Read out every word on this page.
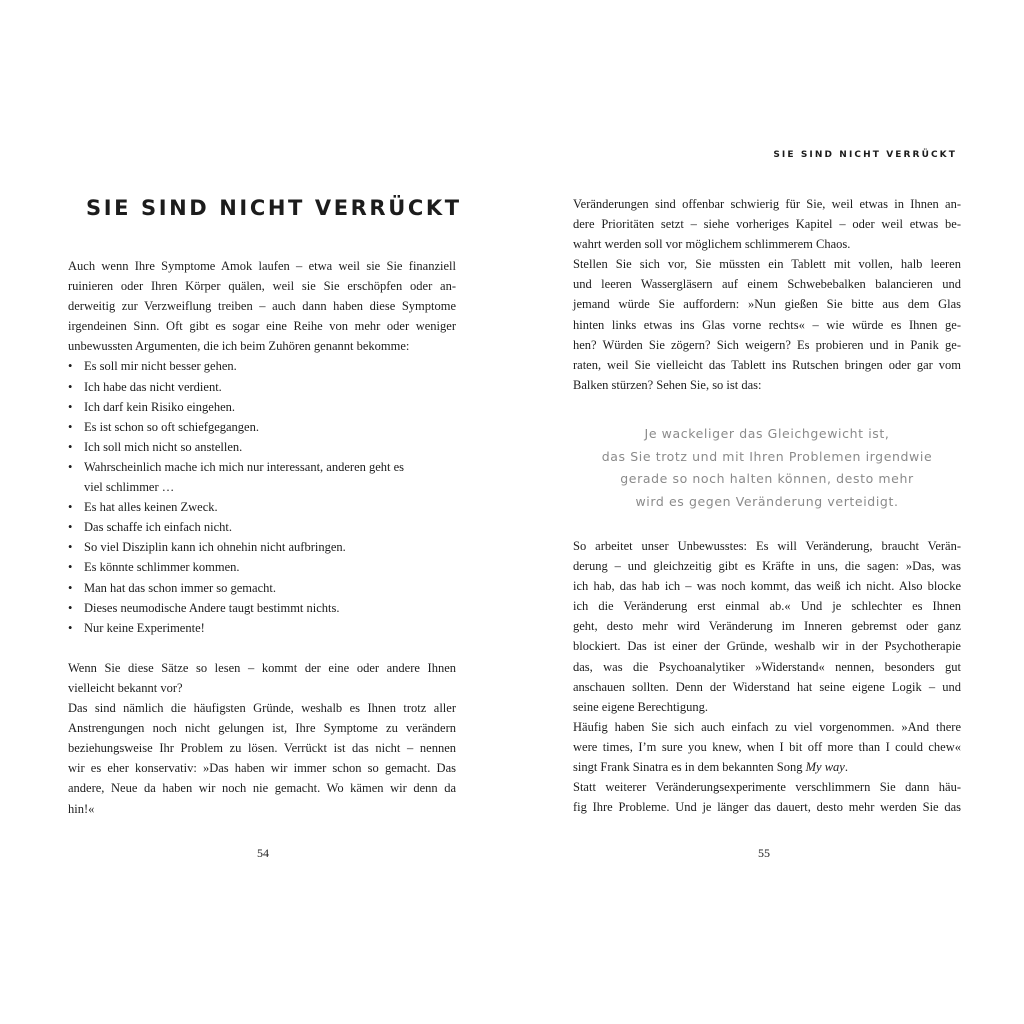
SIE SIND NICHT VERRÜCKT
Auch wenn Ihre Symptome Amok laufen – etwa weil sie Sie finanziell
ruinieren oder Ihren Körper quälen, weil sie Sie erschöpfen oder an-
derweitig zur Verzweiflung treiben – auch dann haben diese Symptome
irgendeinen Sinn. Oft gibt es sogar eine Reihe von mehr oder weniger
unbewussten Argumenten, die ich beim Zuhören genannt bekomme:
• Es soll mir nicht besser gehen.
• Ich habe das nicht verdient.
• Ich darf kein Risiko eingehen.
• Es ist schon so oft schiefgegangen.
• Ich soll mich nicht so anstellen.
• Wahrscheinlich mache ich mich nur interessant, anderen geht es
viel schlimmer …
• Es hat alles keinen Zweck.
• Das schaffe ich einfach nicht.
• So viel Disziplin kann ich ohnehin nicht aufbringen.
• Es könnte schlimmer kommen.
• Man hat das schon immer so gemacht.
• Dieses neumodische Andere taugt bestimmt nichts.
• Nur keine Experimente!
Wenn Sie diese Sätze so lesen – kommt der eine oder andere Ihnen
vielleicht bekannt vor?
Das sind nämlich die häufigsten Gründe, weshalb es Ihnen trotz aller
Anstrengungen noch nicht gelungen ist, Ihre Symptome zu verändern
beziehungsweise Ihr Problem zu lösen. Verrückt ist das nicht – nennen
wir es eher konservativ: »Das haben wir immer schon so gemacht. Das
andere, Neue da haben wir noch nie gemacht. Wo kämen wir denn da
hin!«
54
SIE SIND NICHT VERRÜCKT
Veränderungen sind offenbar schwierig für Sie, weil etwas in Ihnen an-
dere Prioritäten setzt – siehe vorheriges Kapitel – oder weil etwas be-
wahrt werden soll vor möglichem schlimmerem Chaos.
Stellen Sie sich vor, Sie müssten ein Tablett mit vollen, halb leeren
und leeren Wassergläsern auf einem Schwebebalken balancieren und
jemand würde Sie auffordern: »Nun gießen Sie bitte aus dem Glas
hinten links etwas ins Glas vorne rechts« – wie würde es Ihnen ge-
hen? Würden Sie zögern? Sich weigern? Es probieren und in Panik ge-
raten, weil Sie vielleicht das Tablett ins Rutschen bringen oder gar vom
Balken stürzen? Sehen Sie, so ist das:
Je wackeliger das Gleichgewicht ist,
das Sie trotz und mit Ihren Problemen irgendwie
gerade so noch halten können, desto mehr
wird es gegen Veränderung verteidigt.
So arbeitet unser Unbewusstes: Es will Veränderung, braucht Verän-
derung – und gleichzeitig gibt es Kräfte in uns, die sagen: »Das, was
ich hab, das hab ich – was noch kommt, das weiß ich nicht. Also blocke
ich die Veränderung erst einmal ab.« Und je schlechter es Ihnen
geht, desto mehr wird Veränderung im Inneren gebremst oder ganz
blockiert. Das ist einer der Gründe, weshalb wir in der Psychotherapie
das, was die Psychoanalytiker »Widerstand« nennen, besonders gut
anschauen sollten. Denn der Widerstand hat seine eigene Logik – und
seine eigene Berechtigung.
Häufig haben Sie sich auch einfach zu viel vorgenommen. »And there
were times, I’m sure you knew, when I bit off more than I could chew«
singt Frank Sinatra es in dem bekannten Song My way.
Statt weiterer Veränderungsexperimente verschlimmern Sie dann häu-
fig Ihre Probleme. Und je länger das dauert, desto mehr werden Sie das
55
